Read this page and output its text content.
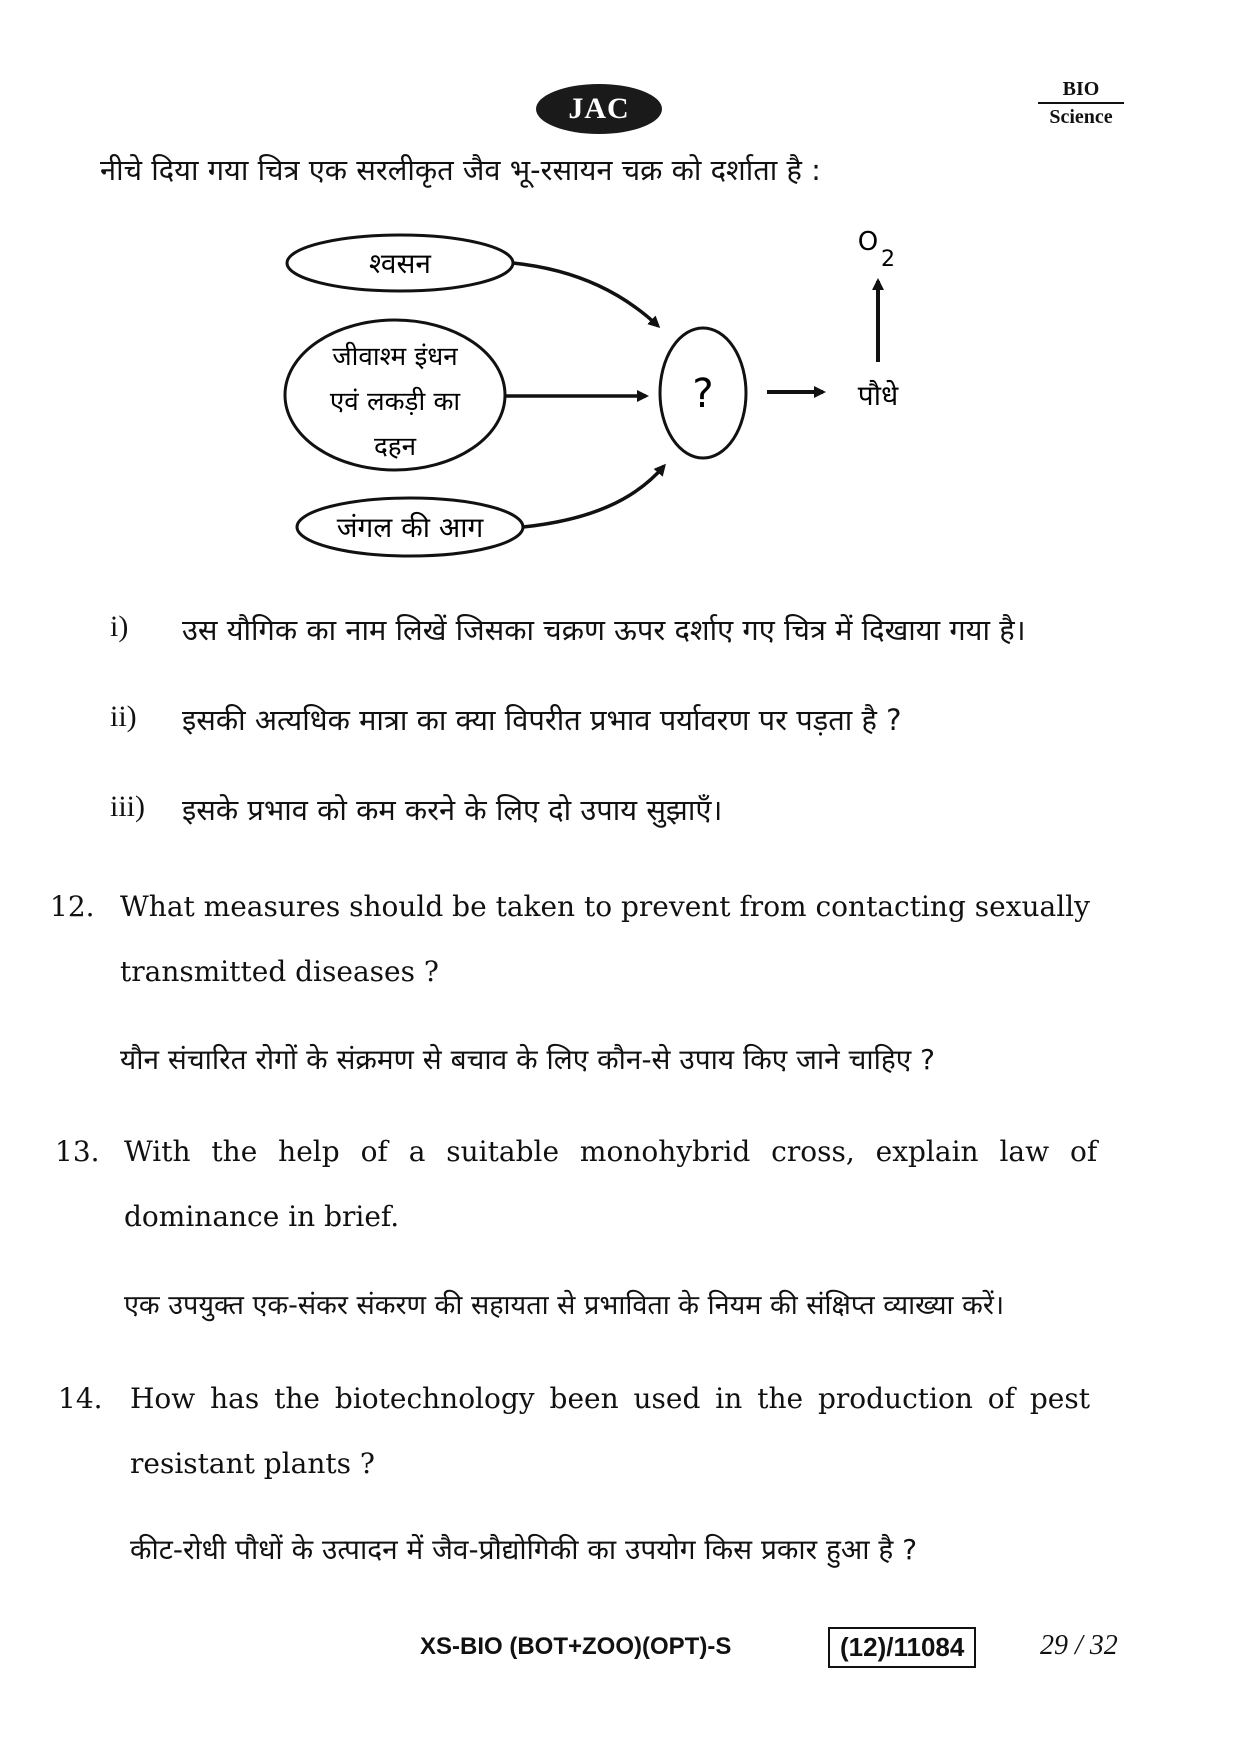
JAC
BIO
Science
नीचे दिया गया चित्र एक सरलीकृत जैव भू-रसायन चक्र को दर्शाता है :
श्वसन
जीवाश्म इंधन
एवं लकड़ी का
दहन
जंगल की आग
?	पौधे
O
2
i) उस यौगिक का नाम लिखें जिसका चक्रण ऊपर दर्शाए गए चित्र में दिखाया गया है।
ii) इसकी अत्यधिक मात्रा का क्या विपरीत प्रभाव पर्यावरण पर पड़ता है ?
iii) इसके प्रभाव को कम करने के लिए दो उपाय सुझाएँ।
12. What measures should be taken to prevent from contacting sexually
transmitted diseases ?
यौन संचारित रोगों के संक्रमण से बचाव के लिए कौन-से उपाय किए जाने चाहिए ?
13. With the help of a suitable monohybrid cross, explain law of
dominance in brief.
एक उपयुक्त एक-संकर संकरण की सहायता से प्रभाविता के नियम की संक्षिप्त व्याख्या करें।
14. How has the biotechnology been used in the production of pest
resistant plants ?
कीट-रोधी पौधों के उत्पादन में जैव-प्रौद्योगिकी का उपयोग किस प्रकार हुआ है ?
XS-BIO (BOT+ZOO)(OPT)-S	(12)/11084	29 / 32
